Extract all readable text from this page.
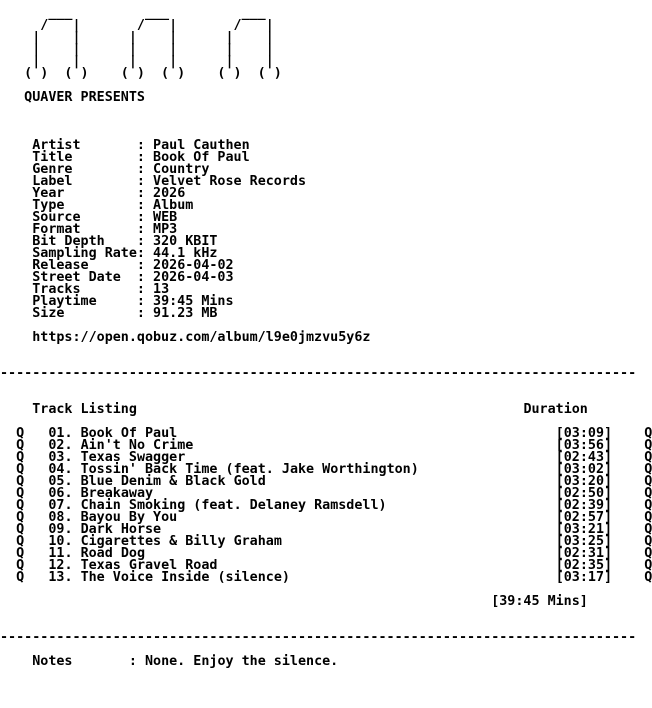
___         ___         ___
/   |       /   |       /   |
|    |      |    |      |    |
|    |      |    |      |    |
|    |      |    |      |    |
( )  ( )    ( )  ( )    ( )  ( )

QUAVER PRESENTS

Artist	: Paul Cauthen
Title	: Book Of Paul
Genre	: Country
Label	: Velvet Rose Records
Year	: 2026
Type	: Album
Source	: WEB
Format	: MP3
Bit Depth : 320 KBIT
Sampling Rate: 44.1 kHz
Release	: 2026-04-02
Street Date : 2026-04-03
Tracks	: 13
Playtime	: 39:45 Mins
Size	: 91.23 MB

https://open.qobuz.com/album/l9e0jmzvu5y6z

-------------------------------------------------------------------------------

Track Listing	Duration

Q 01. Book Of Paul	[03:09] Q
Q 02. Ain't No Crime	[03:56] Q
Q 03. Texas Swagger	[02:43] Q
Q 04. Tossin' Back Time (feat. Jake Worthington)	[03:02] Q
Q 05. Blue Denim & Black Gold	[03:20] Q
Q 06. Breakaway	[02:50] Q
Q 07. Chain Smoking (feat. Delaney Ramsdell)	[02:39] Q
Q 08. Bayou By You	[02:57] Q
Q 09. Dark Horse	[03:21] Q
Q 10. Cigarettes & Billy Graham	[03:25] Q
Q 11. Road Dog	[02:31] Q
Q 12. Texas Gravel Road	[02:35] Q
Q 13. The Voice Inside (silence)	[03:17] Q

[39:45 Mins]

-------------------------------------------------------------------------------

Notes       : None. Enjoy the silence.
